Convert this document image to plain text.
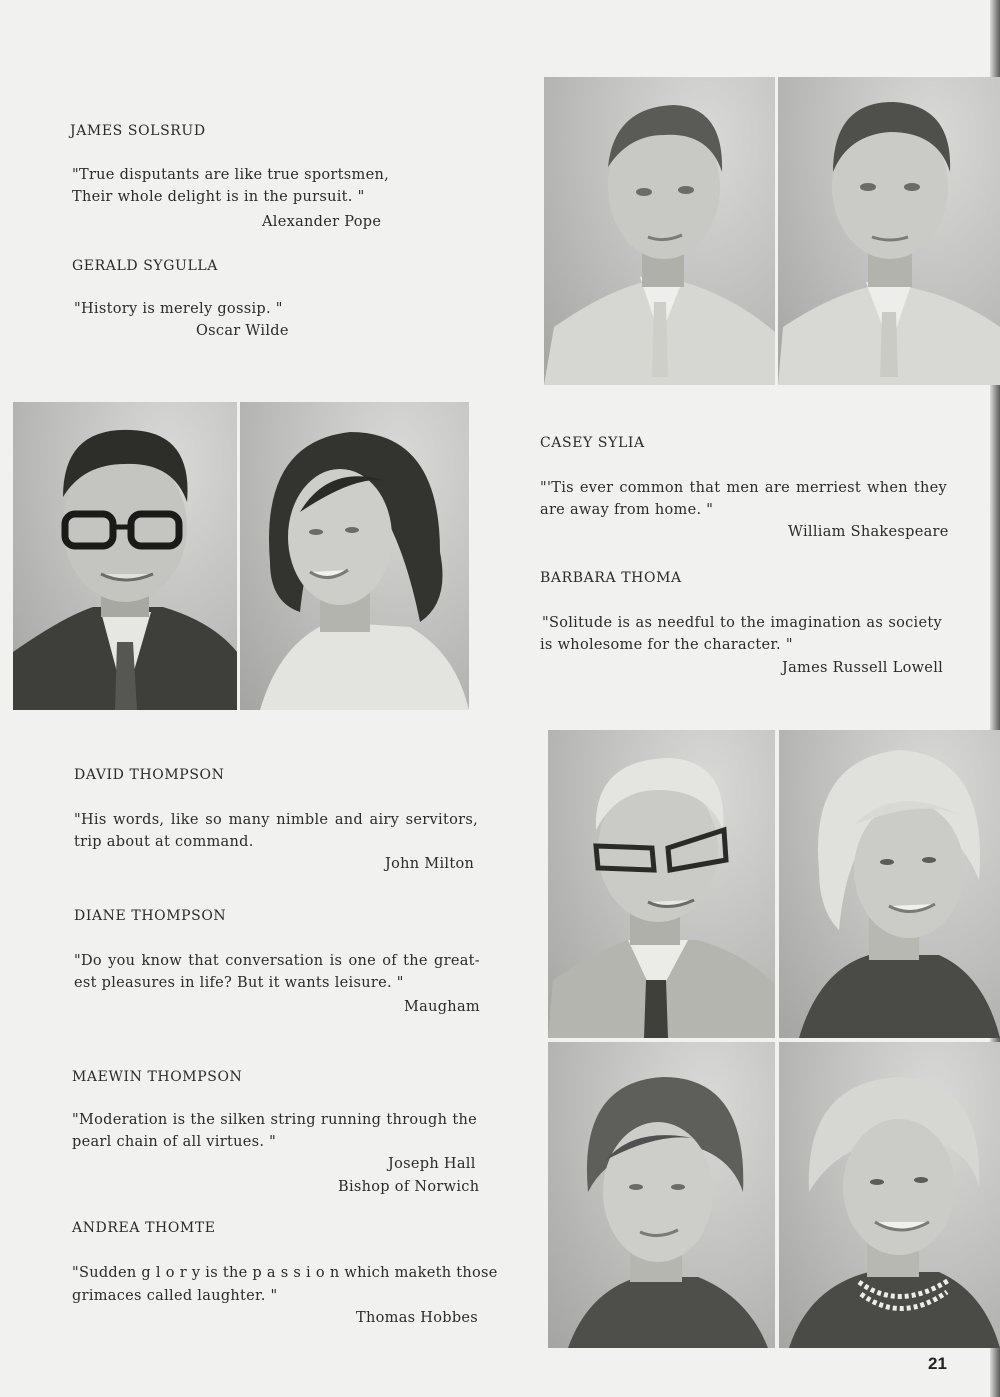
JAMES SOLSRUD
"True disputants are like true sportsmen,
Their whole delight is in the pursuit. "
Alexander Pope
GERALD SYGULLA
"History is merely gossip. "
Oscar Wilde
CASEY SYLIA
"'Tis ever common that men are merriest when they
are away from home. "
William Shakespeare
BARBARA THOMA
"Solitude is as needful to the imagination as society
is wholesome for the character. "
James Russell Lowell
DAVID THOMPSON
"His words, like so many nimble and airy servitors,
trip about at command.
John Milton
DIANE THOMPSON
"Do you know that conversation is one of the great-
est pleasures in life? But it wants leisure. "
Maugham
MAEWIN THOMPSON
"Moderation is the silken string running through the
pearl chain of all virtues. "
Joseph Hall
Bishop of Norwich
ANDREA THOMTE
"Sudden g l o r y is the p a s s i o n which maketh those
grimaces called laughter. "
Thomas Hobbes
21
